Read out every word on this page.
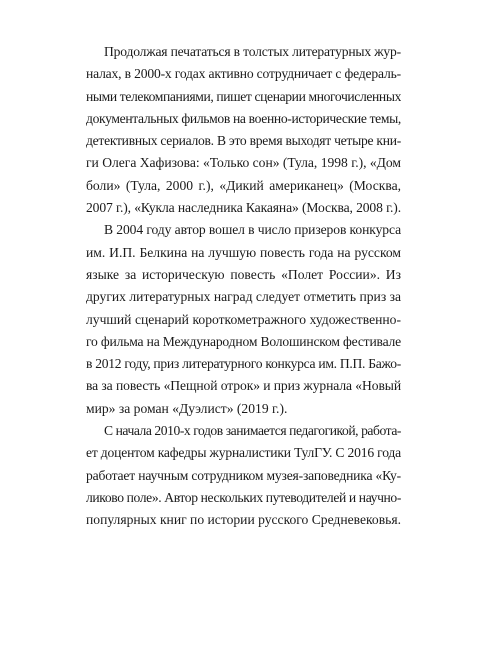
Продолжая печататься в толстых литературных жур-
налах, в 2000-х годах активно сотрудничает с федераль-
ными телекомпаниями, пишет сценарии многочисленных
документальных фильмов на военно-исторические темы,
детективных сериалов. В это время выходят четыре кни-
ги Олега Хафизова: «Только сон» (Тула, 1998 г.), «Дом
боли» (Тула, 2000 г.), «Дикий американец» (Москва,
2007 г.), «Кукла наследника Какаяна» (Москва, 2008 г.).
В 2004 году автор вошел в число призеров конкурса
им. И.П. Белкина на лучшую повесть года на русском
языке за историческую повесть «Полет России». Из
других литературных наград следует отметить приз за
лучший сценарий короткометражного художественно-
го фильма на Международном Волошинском фестивале
в 2012 году, приз литературного конкурса им. П.П. Бажо-
ва за повесть «Пещной отрок» и приз журнала «Новый
мир» за роман «Дуэлист» (2019 г.).
С начала 2010-х годов занимается педагогикой, работа-
ет доцентом кафедры журналистики ТулГУ. С 2016 года
работает научным сотрудником музея-заповедника «Ку-
ликово поле». Автор нескольких путеводителей и научно-
популярных книг по истории русского Средневековья.
